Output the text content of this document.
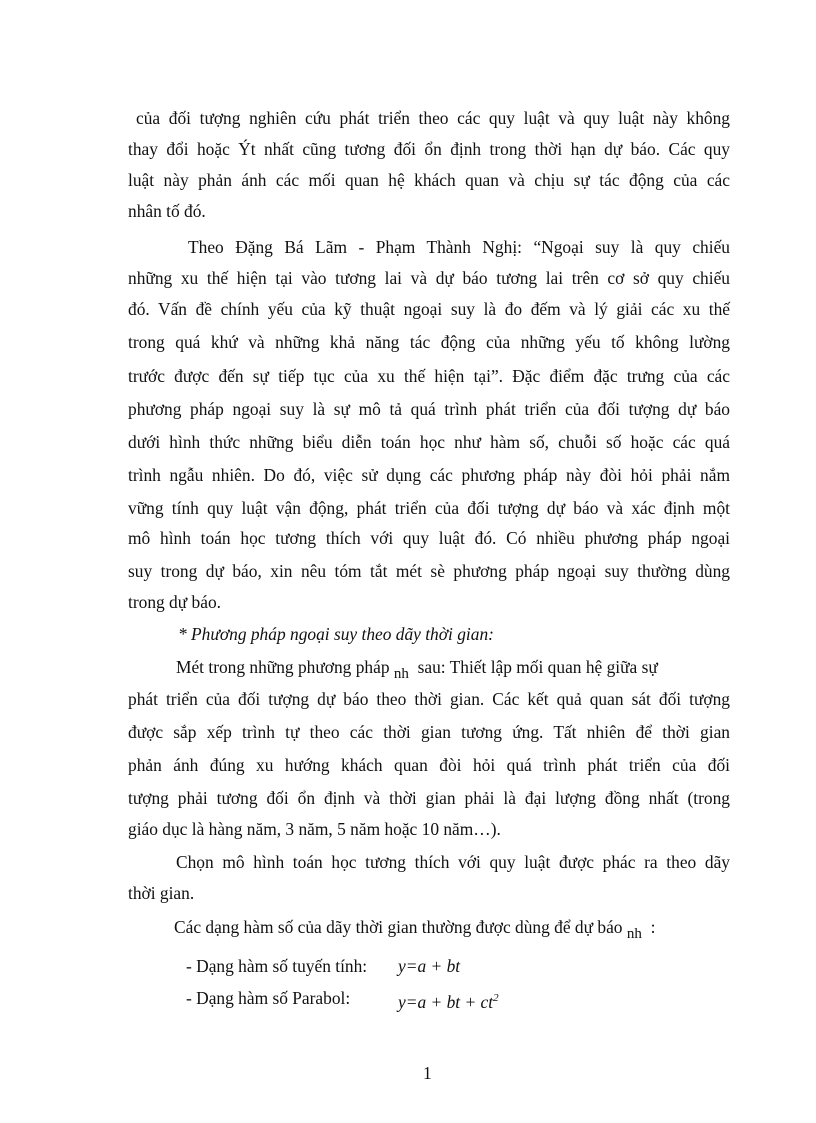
của đối tượng nghiên cứu phát triển theo các quy luật và quy luật này không
thay đổi hoặc Ýt nhất cũng tương đối ổn định trong thời hạn dự báo. Các quy
luật này phản ánh các mối quan hệ khách quan và chịu sự tác động của các
nhân tố đó.
Theo Đặng Bá Lãm - Phạm Thành Nghị: “Ngoại suy là quy chiếu
những xu thế hiện tại vào tương lai và dự báo tương lai trên cơ sở quy chiếu
đó. Vấn đề chính yếu của kỹ thuật ngoại suy là đo đếm và lý giải các xu thế
trong quá khứ và những khả năng tác động của những yếu tố không lường
trước được đến sự tiếp tục của xu thế hiện tại”. Đặc điểm đặc trưng của các
phương pháp ngoại suy là sự mô tả quá trình phát triển của đối tượng dự báo
dưới hình thức những biểu diễn toán học như hàm số, chuỗi số hoặc các quá
trình ngẫu nhiên. Do đó, việc sử dụng các phương pháp này đòi hỏi phải nắm
vững tính quy luật vận động, phát triển của đối tượng dự báo và xác định một
mô hình toán học tương thích với quy luật đó. Có nhiều phương pháp ngoại
suy trong dự báo, xin nêu tóm tắt mét sè phương pháp ngoại suy thường dùng
trong dự báo.
* Phương pháp ngoại suy theo dãy thời gian:
Mét trong những phương pháp nh sau: Thiết lập mối quan hệ giữa sự
phát triển của đối tượng dự báo theo thời gian. Các kết quả quan sát đối tượng
được sắp xếp trình tự theo các thời gian tương ứng. Tất nhiên để thời gian
phản ánh đúng xu hướng khách quan đòi hỏi quá trình phát triển của đối
tượng phải tương đối ổn định và thời gian phải là đại lượng đồng nhất (trong
giáo dục là hàng năm, 3 năm, 5 năm hoặc 10 năm…).
Chọn mô hình toán học tương thích với quy luật được phác ra theo dãy
thời gian.
Các dạng hàm số của dãy thời gian thường được dùng để dự báo nh :
- Dạng hàm số tuyến tính: y=a + bt
- Dạng hàm số Parabol:	y=a + bt + $ct^2$
1
